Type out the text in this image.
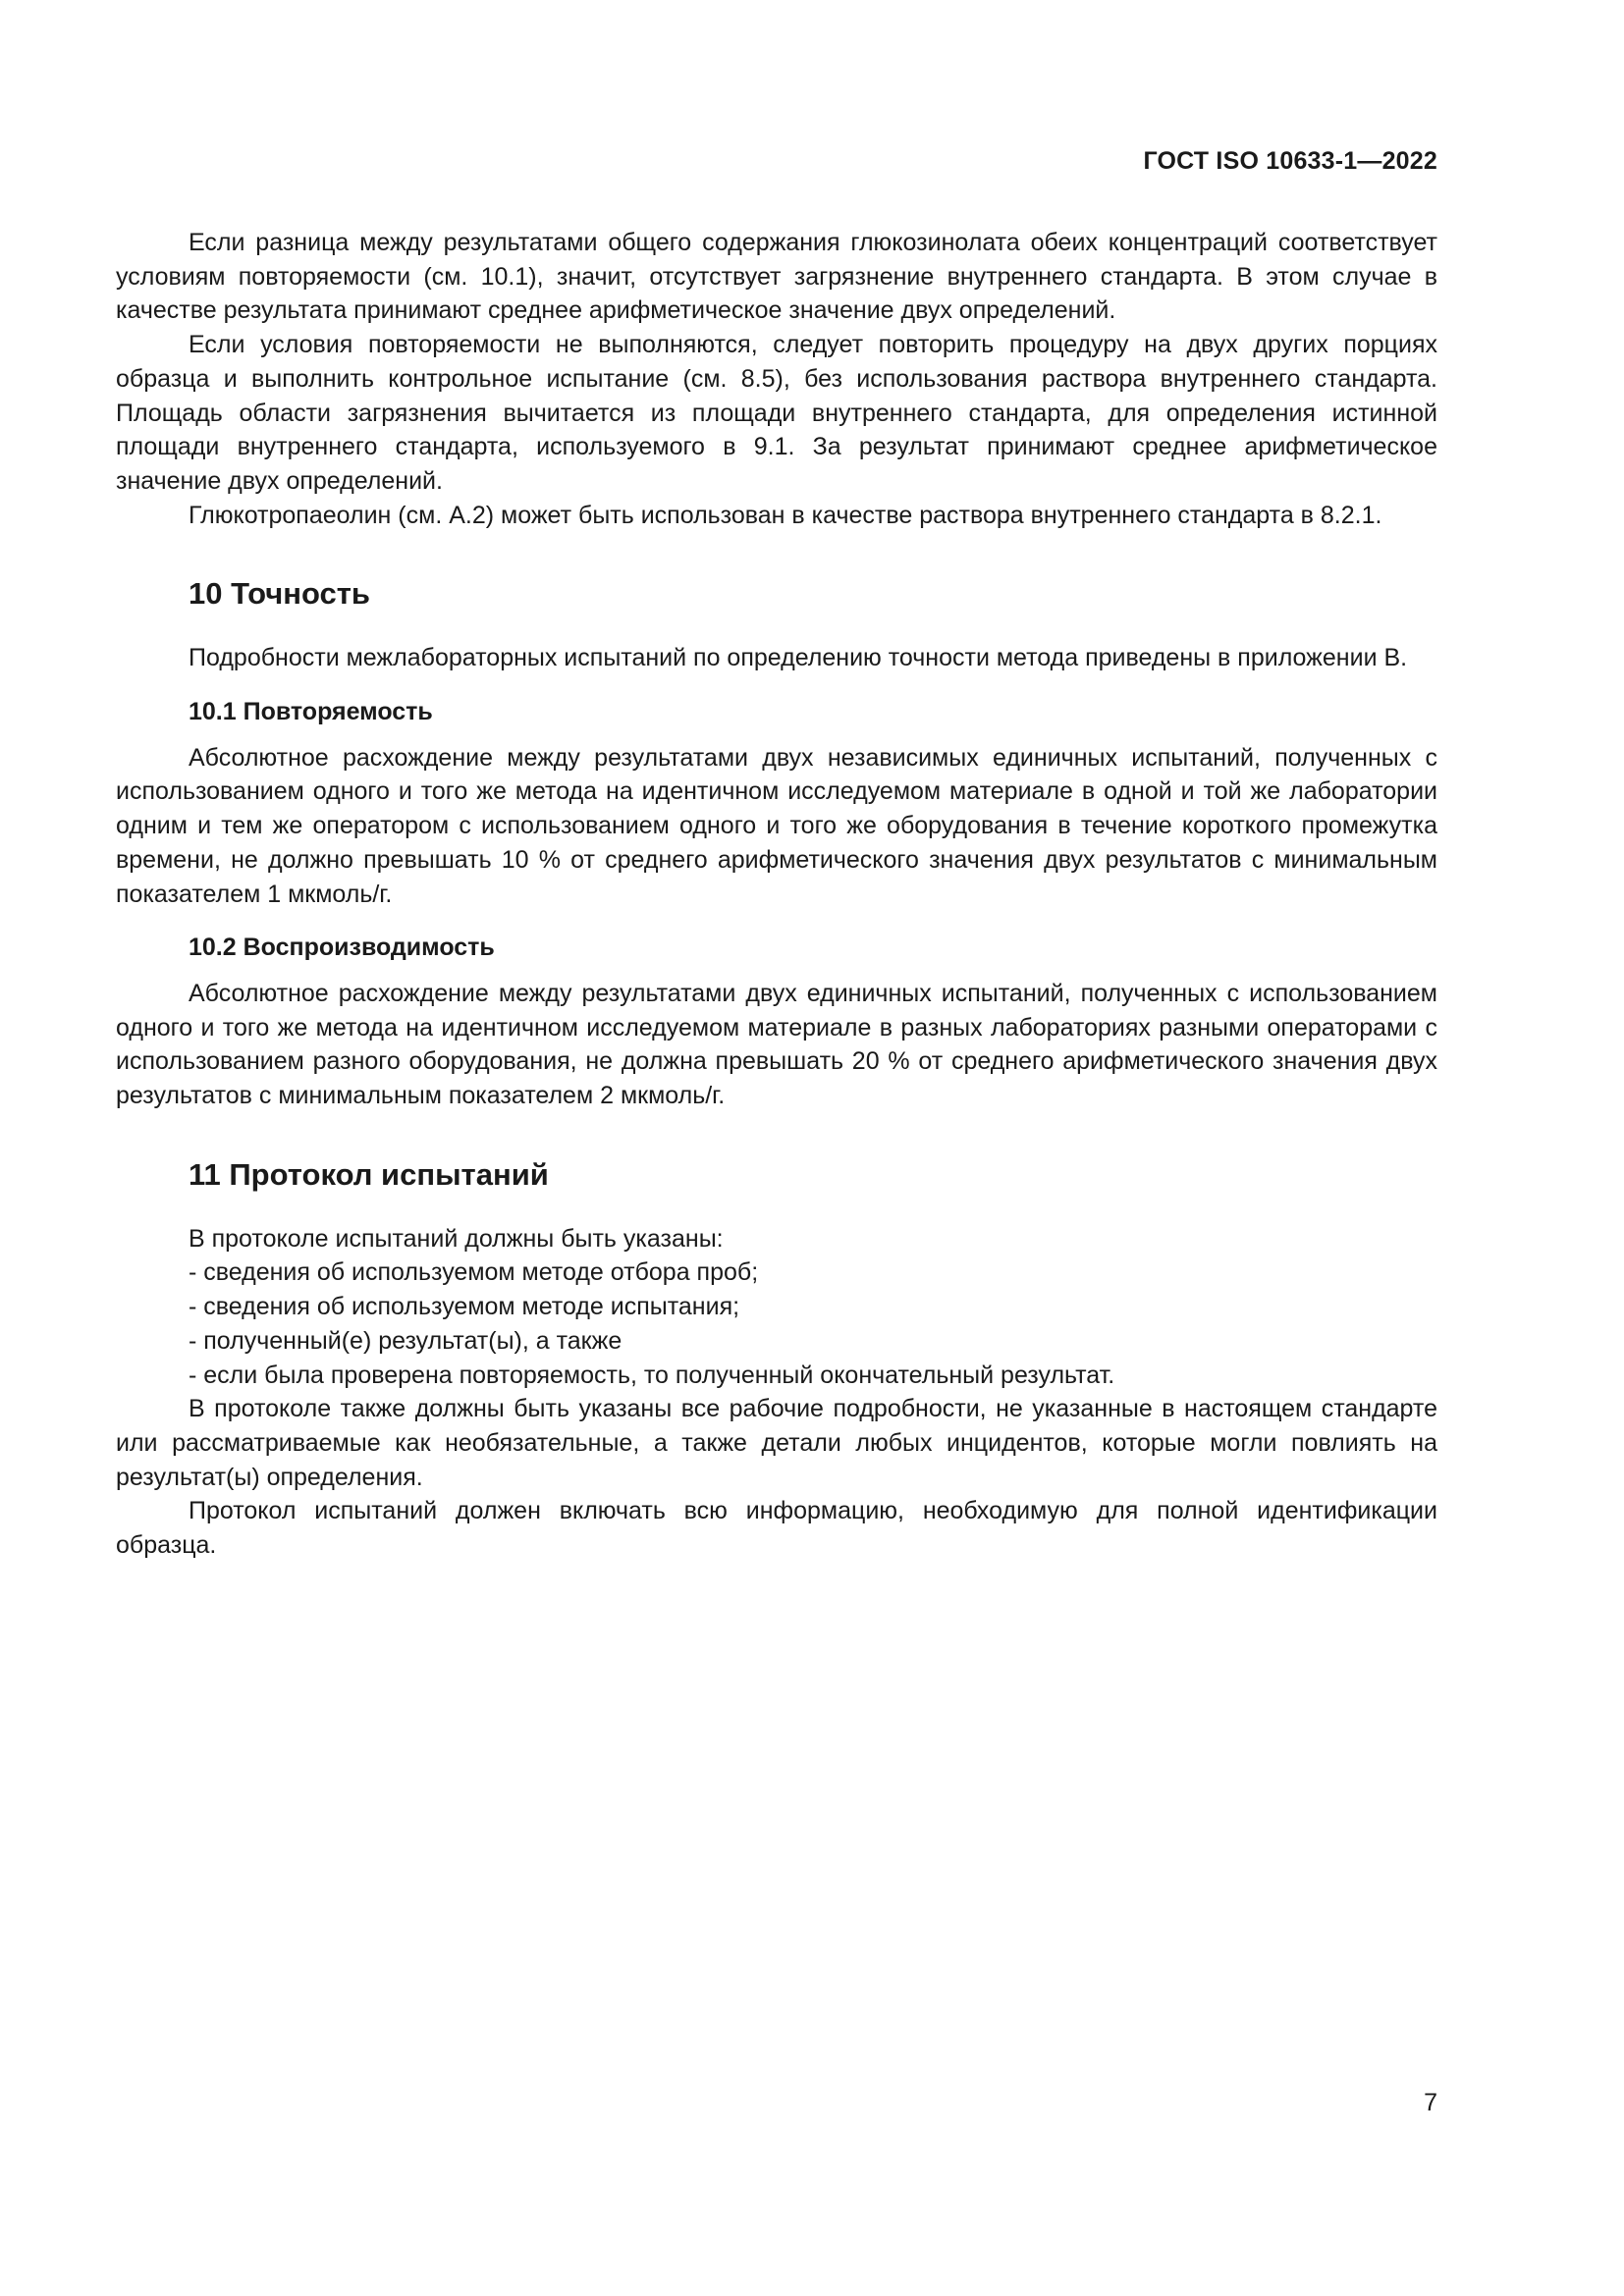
ГОСТ ISO 10633-1—2022

Если разница между результатами общего содержания глюкозинолата обеих концентраций соответствует условиям повторяемости (см. 10.1), значит, отсутствует загрязнение внутреннего стандарта. В этом случае в качестве результата принимают среднее арифметическое значение двух определений.

Если условия повторяемости не выполняются, следует повторить процедуру на двух других порциях образца и выполнить контрольное испытание (см. 8.5), без использования раствора внутреннего стандарта. Площадь области загрязнения вычитается из площади внутреннего стандарта, для определения истинной площади внутреннего стандарта, используемого в 9.1. За результат принимают среднее арифметическое значение двух определений.

Глюкотропаеолин (см. А.2) может быть использован в качестве раствора внутреннего стандарта в 8.2.1.

10 Точность

Подробности межлабораторных испытаний по определению точности метода приведены в приложении В.

10.1 Повторяемость

Абсолютное расхождение между результатами двух независимых единичных испытаний, полученных с использованием одного и того же метода на идентичном исследуемом материале в одной и той же лаборатории одним и тем же оператором с использованием одного и того же оборудования в течение короткого промежутка времени, не должно превышать 10 % от среднего арифметического значения двух результатов с минимальным показателем 1 мкмоль/г.

10.2 Воспроизводимость

Абсолютное расхождение между результатами двух единичных испытаний, полученных с использованием одного и того же метода на идентичном исследуемом материале в разных лабораториях разными операторами с использованием разного оборудования, не должна превышать 20 % от среднего арифметического значения двух результатов с минимальным показателем 2 мкмоль/г.

11 Протокол испытаний

В протоколе испытаний должны быть указаны:

- сведения об используемом методе отбора проб;
- сведения об используемом методе испытания;
- полученный(е) результат(ы), а также
- если была проверена повторяемость, то полученный окончательный результат.

В протоколе также должны быть указаны все рабочие подробности, не указанные в настоящем стандарте или рассматриваемые как необязательные, а также детали любых инцидентов, которые могли повлиять на результат(ы) определения.

Протокол испытаний должен включать всю информацию, необходимую для полной идентификации образца.

7
